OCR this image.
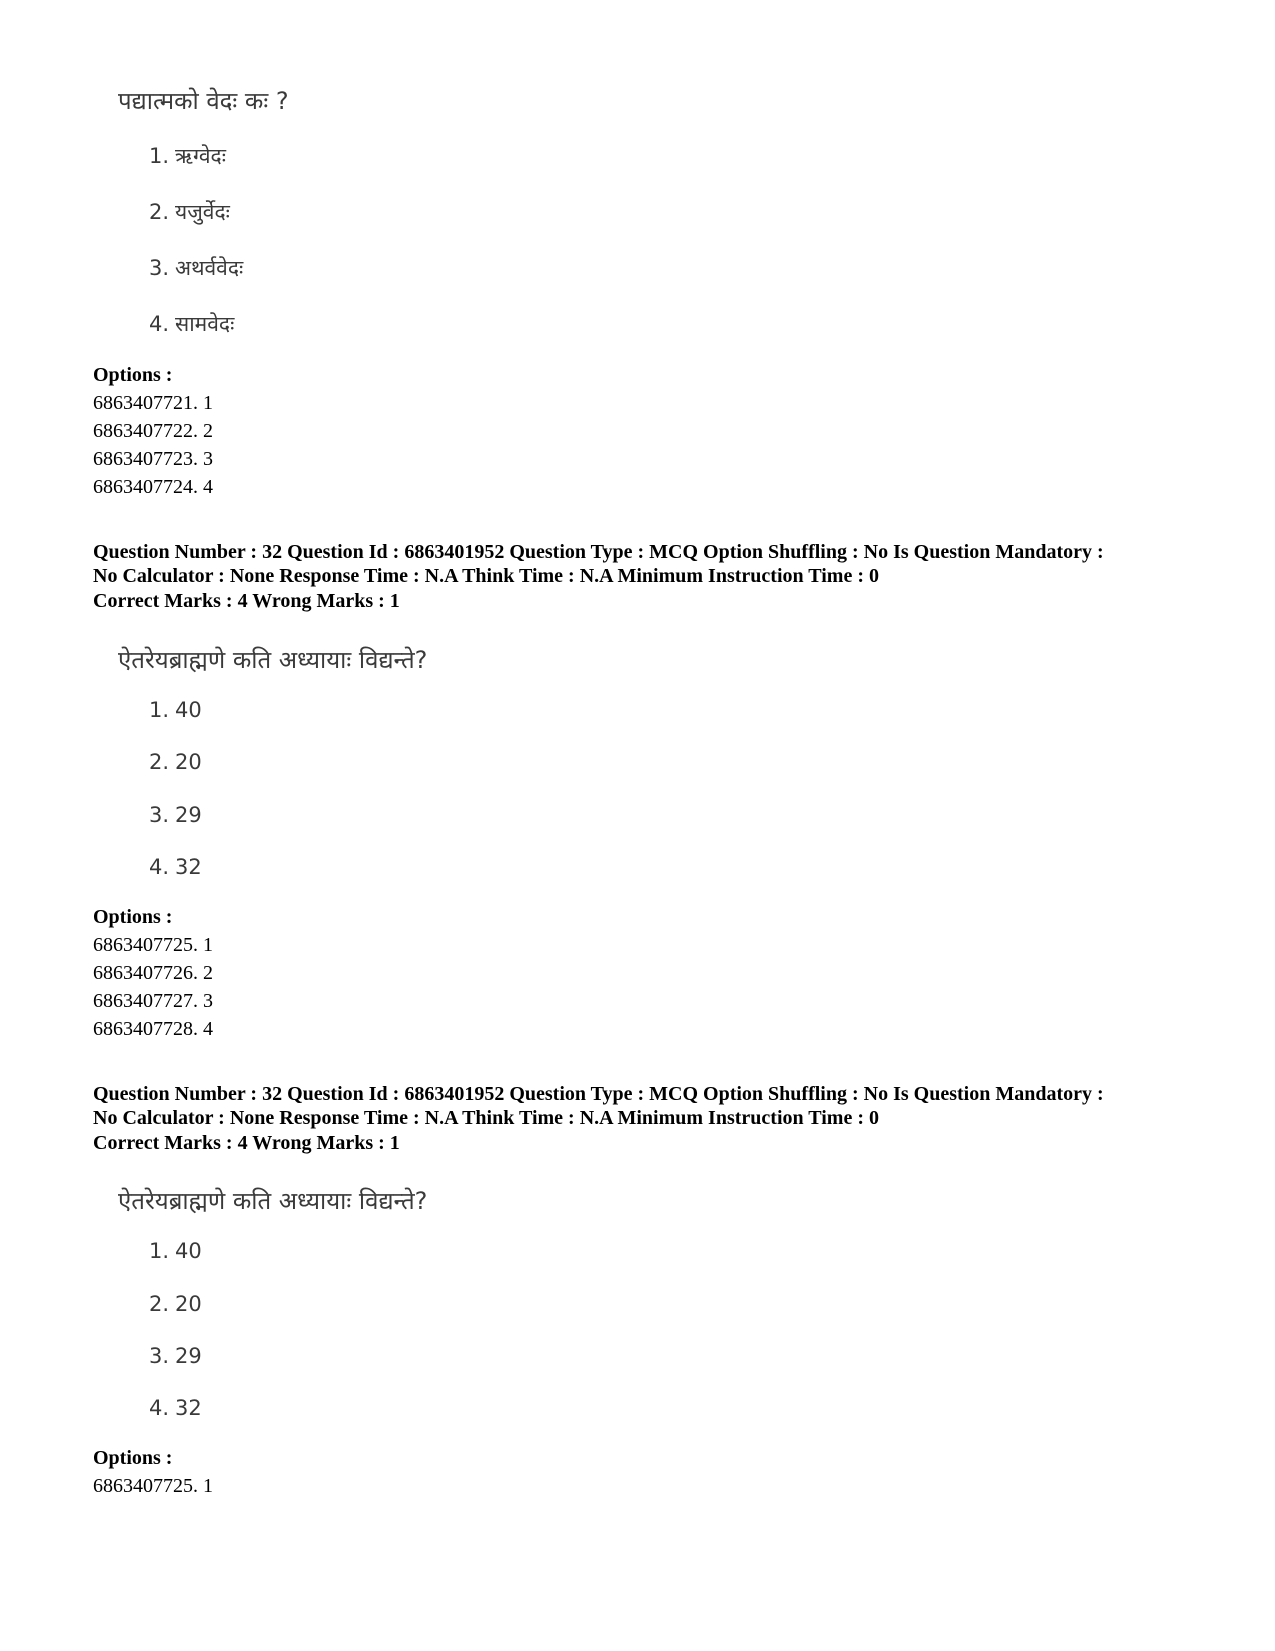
पद्यात्मको वेदः कः ?
1. ऋग्वेदः
2. यजुर्वेदः
3. अथर्ववेदः
4. सामवेदः
Options :
6863407721. 1
6863407722. 2
6863407723. 3
6863407724. 4
Question Number : 32 Question Id : 6863401952 Question Type : MCQ Option Shuffling : No Is Question Mandatory :
No Calculator : None Response Time : N.A Think Time : N.A Minimum Instruction Time : 0
Correct Marks : 4 Wrong Marks : 1
ऐतरेयब्राह्मणे कति अध्यायाः विद्यन्ते?
1. 40
2. 20
3. 29
4. 32
Options :
6863407725. 1
6863407726. 2
6863407727. 3
6863407728. 4
Question Number : 32 Question Id : 6863401952 Question Type : MCQ Option Shuffling : No Is Question Mandatory :
No Calculator : None Response Time : N.A Think Time : N.A Minimum Instruction Time : 0
Correct Marks : 4 Wrong Marks : 1
ऐतरेयब्राह्मणे कति अध्यायाः विद्यन्ते?
1. 40
2. 20
3. 29
4. 32
Options :
6863407725. 1
